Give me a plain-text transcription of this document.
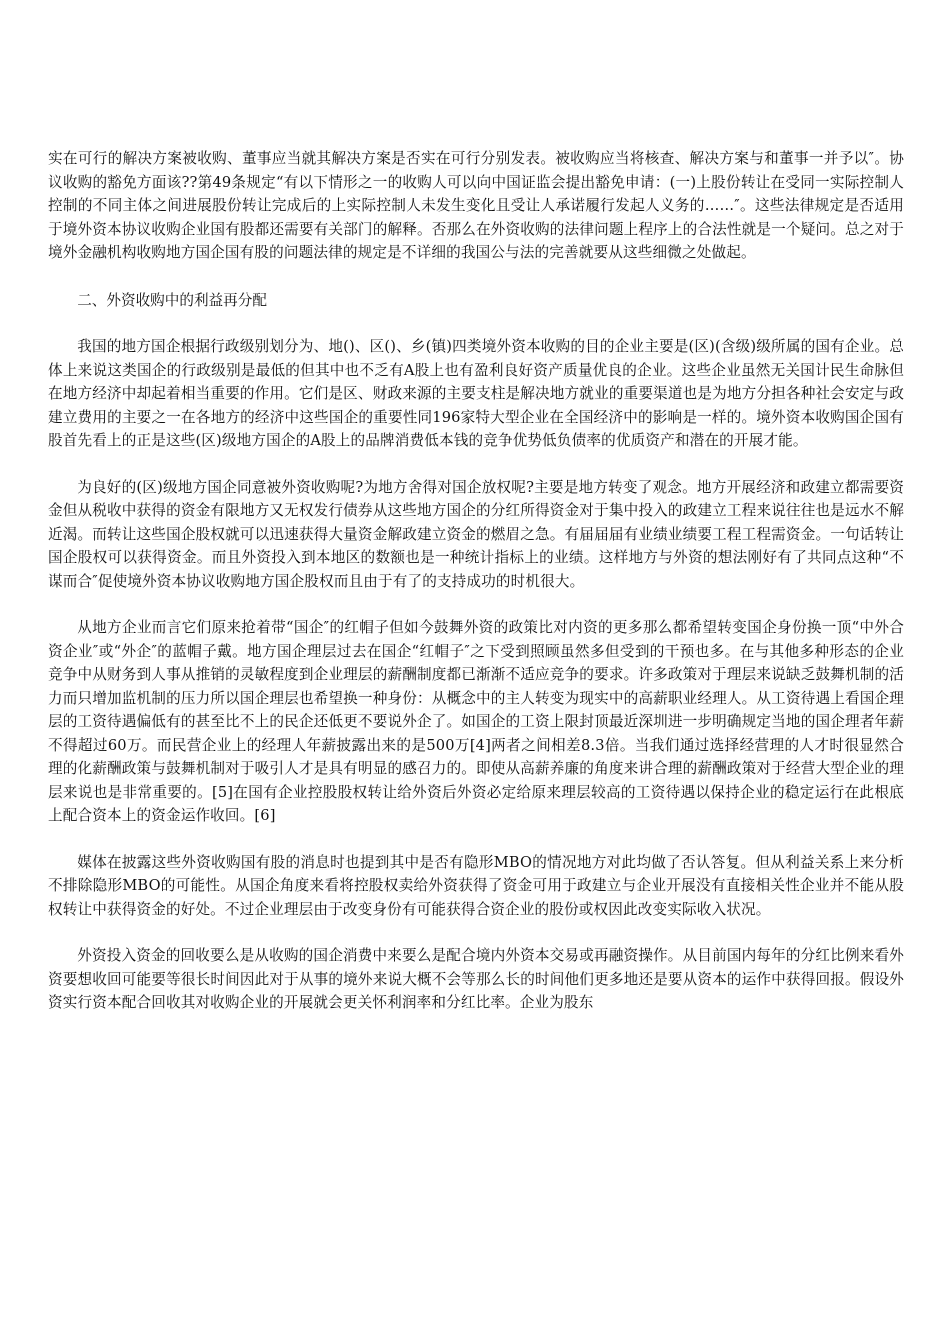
实在可行的解决方案被收购、董事应当就其解决方案是否实在可行分别发表。被收购应当将核查、解决方案与和董事一并予以″。协议收购的豁免方面该??第49条规定“有以下情形之一的收购人可以向中国证监会提出豁免申请：(一)上股份转让在受同一实际控制人控制的不同主体之间进展股份转让完成后的上实际控制人未发生变化且受让人承诺履行发起人义务的……″。这些法律规定是否适用于境外资本协议收购企业国有股都还需要有关部门的解释。否那么在外资收购的法律问题上程序上的合法性就是一个疑问。总之对于境外金融机构收购地方国企国有股的问题法律的规定是不详细的我国公与法的完善就要从这些细微之处做起。

二、外资收购中的利益再分配

我国的地方国企根据行政级别划分为、地()、区()、乡(镇)四类境外资本收购的目的企业主要是(区)(含级)级所属的国有企业。总体上来说这类国企的行政级别是最低的但其中也不乏有A股上也有盈利良好资产质量优良的企业。这些企业虽然无关国计民生命脉但在地方经济中却起着相当重要的作用。它们是区、财政来源的主要支柱是解决地方就业的重要渠道也是为地方分担各种社会安定与政建立费用的主要之一在各地方的经济中这些国企的重要性同196家特大型企业在全国经济中的影响是一样的。境外资本收购国企国有股首先看上的正是这些(区)级地方国企的A股上的品牌消费低本钱的竞争优势低负债率的优质资产和潜在的开展才能。

为良好的(区)级地方国企同意被外资收购呢?为地方舍得对国企放权呢?主要是地方转变了观念。地方开展经济和政建立都需要资金但从税收中获得的资金有限地方又无权发行债券从这些地方国企的分红所得资金对于集中投入的政建立工程来说往往也是远水不解近渴。而转让这些国企股权就可以迅速获得大量资金解政建立资金的燃眉之急。有届届届有业绩业绩要工程工程需资金。一句话转让国企股权可以获得资金。而且外资投入到本地区的数额也是一种统计指标上的业绩。这样地方与外资的想法刚好有了共同点这种“不谋而合″促使境外资本协议收购地方国企股权而且由于有了的支持成功的时机很大。

从地方企业而言它们原来抢着带“国企″的红帽子但如今鼓舞外资的政策比对内资的更多那么都希望转变国企身份换一顶“中外合资企业″或“外企″的蓝帽子戴。地方国企理层过去在国企“红帽子″之下受到照顾虽然多但受到的干预也多。在与其他多种形态的企业竞争中从财务到人事从推销的灵敏程度到企业理层的薪酬制度都已渐渐不适应竞争的要求。许多政策对于理层来说缺乏鼓舞机制的活力而只增加监机制的压力所以国企理层也希望换一种身份：从概念中的主人转变为现实中的高薪职业经理人。从工资待遇上看国企理层的工资待遇偏低有的甚至比不上的民企还低更不要说外企了。如国企的工资上限封顶最近深圳进一步明确规定当地的国企理者年薪不得超过60万。而民营企业上的经理人年薪披露出来的是500万[4]两者之间相差8.3倍。当我们通过选择经营理的人才时很显然合理的化薪酬政策与鼓舞机制对于吸引人才是具有明显的感召力的。即使从高薪养廉的角度来讲合理的薪酬政策对于经营大型企业的理层来说也是非常重要的。[5]在国有企业控股股权转让给外资后外资必定给原来理层较高的工资待遇以保持企业的稳定运行在此根底上配合资本上的资金运作收回。[6]

媒体在披露这些外资收购国有股的消息时也提到其中是否有隐形MBO的情况地方对此均做了否认答复。但从利益关系上来分析不排除隐形MBO的可能性。从国企角度来看将控股权卖给外资获得了资金可用于政建立与企业开展没有直接相关性企业并不能从股权转让中获得资金的好处。不过企业理层由于改变身份有可能获得合资企业的股份或权因此改变实际收入状况。

外资投入资金的回收要么是从收购的国企消费中来要么是配合境内外资本交易或再融资操作。从目前国内每年的分红比例来看外资要想收回可能要等很长时间因此对于从事的境外来说大概不会等那么长的时间他们更多地还是要从资本的运作中获得回报。假设外资实行资本配合回收其对收购企业的开展就会更关怀利润率和分红比率。企业为股东
